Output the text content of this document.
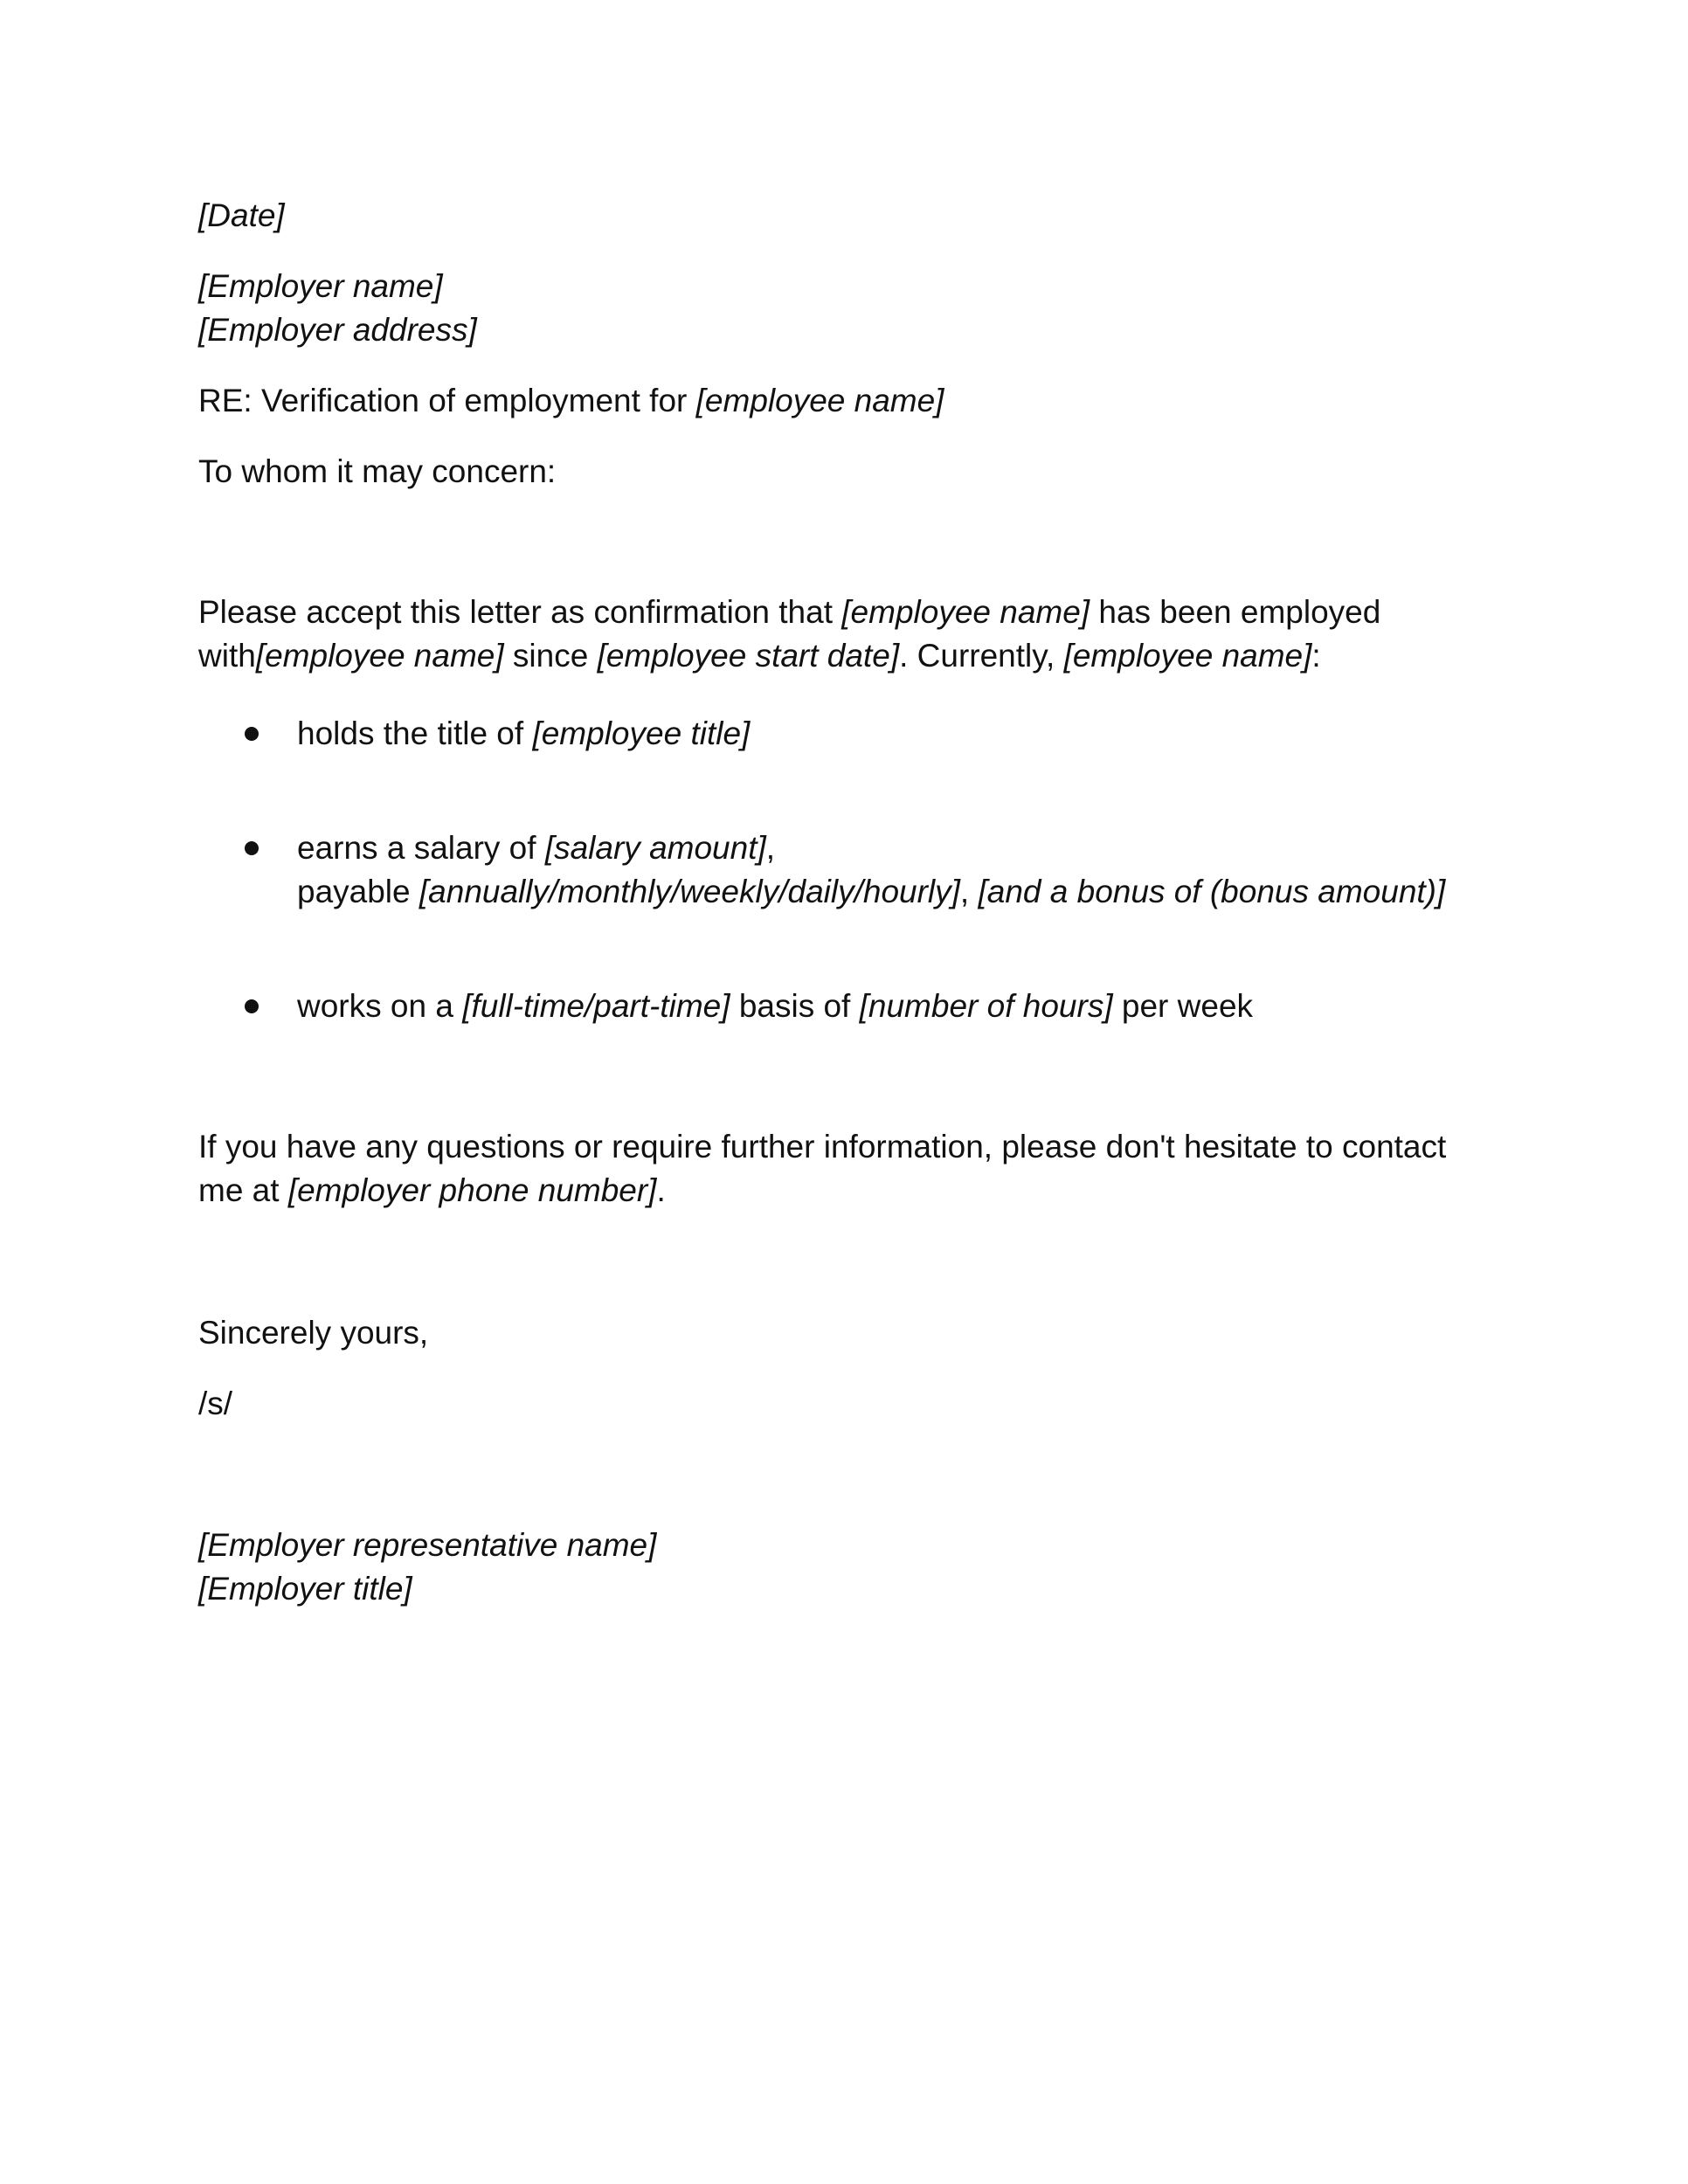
[Date]
[Employer name]
[Employer address]
RE: Verification of employment for [employee name]
To whom it may concern:
Please accept this letter as confirmation that [employee name] has been employed
with[employee name] since [employee start date]. Currently, [employee name]:
holds the title of [employee title]
earns a salary of [salary amount],
payable [annually/monthly/weekly/daily/hourly], [and a bonus of (bonus amount)]
works on a [full-time/part-time] basis of [number of hours] per week
If you have any questions or require further information, please don't hesitate to contact
me at [employer phone number].
Sincerely yours,
/s/
[Employer representative name]
[Employer title]
